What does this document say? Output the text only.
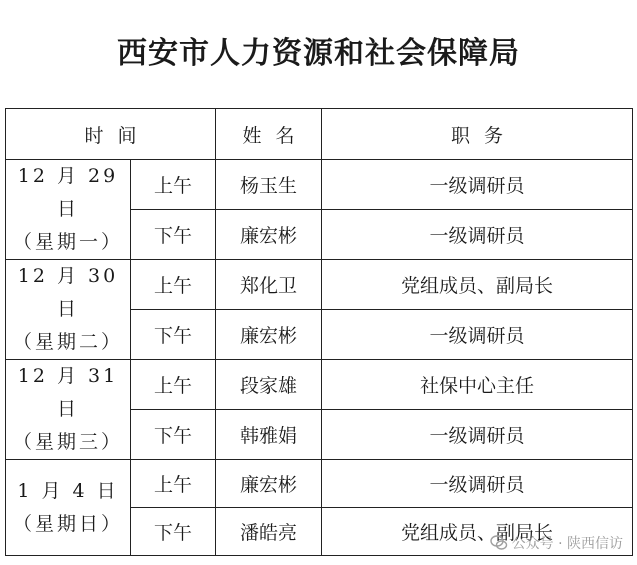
西安市人力资源和社会保障局
时间		姓名	职务

12 月 29 日
（星期一）	上午	杨玉生	一级调研员
	下午	廉宏彬	一级调研员

12 月 30 日
（星期二）	上午	郑化卫	党组成员、副局长
	下午	廉宏彬	一级调研员

12 月 31 日
（星期三）	上午	段家雄	社保中心主任
	下午	韩雅娟	一级调研员

1 月 4 日
（星期日）	上午	廉宏彬	一级调研员
	下午	潘皓亮	党组成员、副局长
公众号 · 陕西信访
